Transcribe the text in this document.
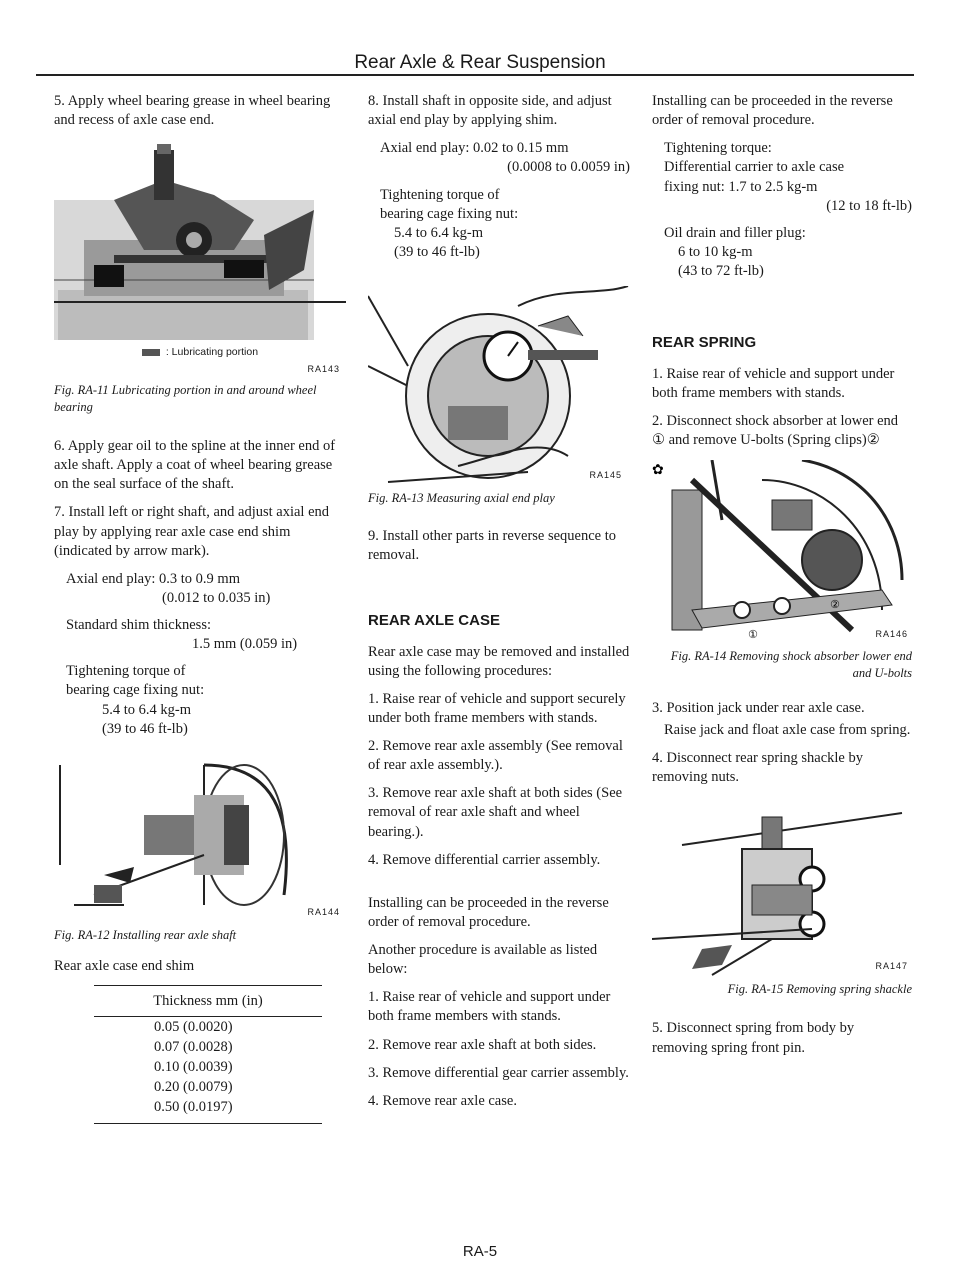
Rear Axle & Rear Suspension

5. Apply wheel bearing grease in wheel bearing and recess of axle case end.

: Lubricating portion
RA143

Fig. RA-11 Lubricating portion in and around wheel bearing

6. Apply gear oil to the spline at the inner end of axle shaft. Apply a coat of wheel bearing grease on the seal surface of the shaft.

7. Install left or right shaft, and adjust axial end play by applying rear axle case end shim (indicated by arrow mark).

Axial end play: 0.3 to 0.9 mm
(0.012 to 0.035 in)
Standard shim thickness:
1.5 mm (0.059 in)
Tightening torque of
bearing cage fixing nut:
5.4 to 6.4 kg-m
(39 to 46 ft-lb)
RA144

Fig. RA-12 Installing rear axle shaft

Rear axle case end shim

Thickness mm (in)
0.05 (0.0020)
0.07 (0.0028)
0.10 (0.0039)
0.20 (0.0079)
0.50 (0.0197)

8. Install shaft in opposite side, and adjust axial end play by applying shim.

Axial end play: 0.02 to 0.15 mm
(0.0008 to 0.0059 in)
Tightening torque of
bearing cage fixing nut:
5.4 to 6.4 kg-m
(39 to 46 ft-lb)
RA145

Fig. RA-13 Measuring axial end play

9. Install other parts in reverse sequence to removal.

REAR AXLE CASE

Rear axle case may be removed and installed using the following procedures:

1. Raise rear of vehicle and support securely under both frame members with stands.

2. Remove rear axle assembly (See removal of rear axle assembly.).

3. Remove rear axle shaft at both sides (See removal of rear axle shaft and wheel bearing.).

4. Remove differential carrier assembly.

Installing can be proceeded in the reverse order of removal procedure.

Another procedure is available as listed below:

1. Raise rear of vehicle and support under both frame members with stands.

2. Remove rear axle shaft at both sides.

3. Remove differential gear carrier assembly.

4. Remove rear axle case.

Installing can be proceeded in the reverse order of removal procedure.

Tightening torque:
Differential carrier to axle case
fixing nut: 1.7 to 2.5 kg-m
(12 to 18 ft-lb)
Oil drain and filler plug:
6 to 10 kg-m
(43 to 72 ft-lb)
REAR SPRING

1. Raise rear of vehicle and support under both frame members with stands.

2. Disconnect shock absorber at lower end ① and remove U-bolts (Spring clips)②

①
②
✿
RA146

Fig. RA-14 Removing shock absorber lower end and U-bolts

3. Position jack under rear axle case.

Raise jack and float axle case from spring.

4. Disconnect rear spring shackle by removing nuts.

RA147

Fig. RA-15 Removing spring shackle

5. Disconnect spring from body by removing spring front pin.

RA-5
